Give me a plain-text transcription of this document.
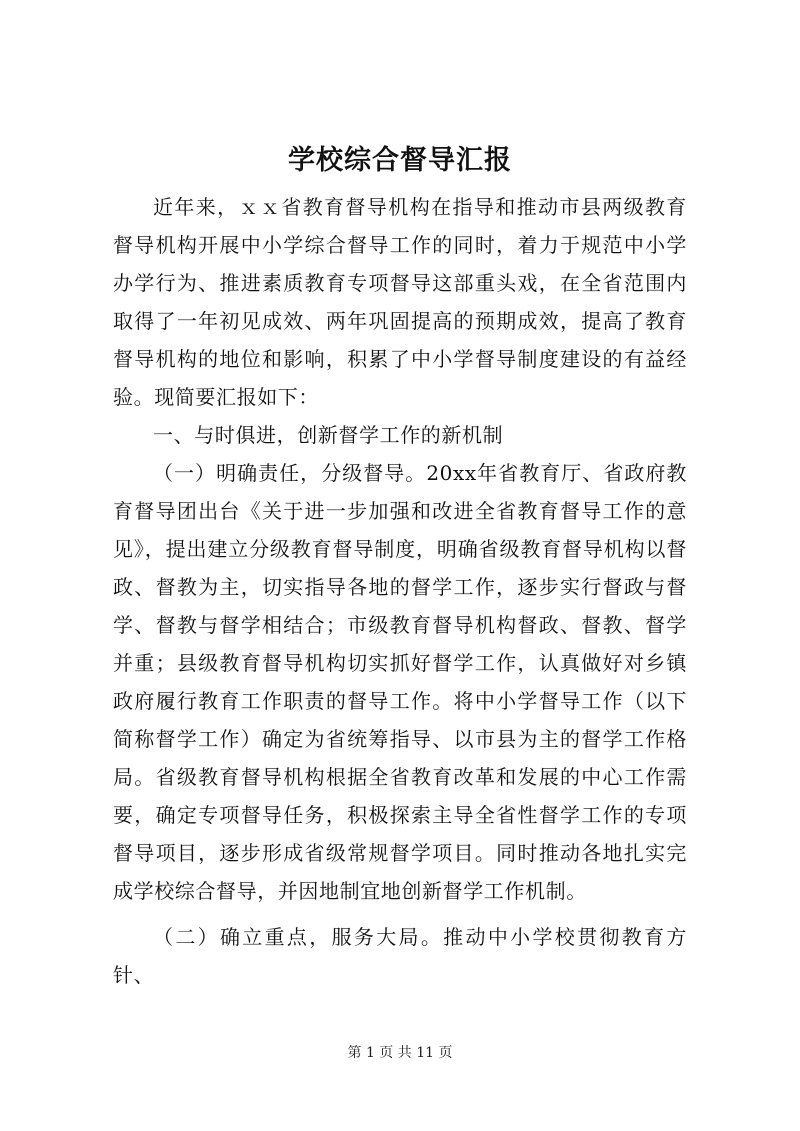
学校综合督导汇报

近年来，ｘｘ省教育督导机构在指导和推动市县两级教育督导机构开展中小学综合督导工作的同时，着力于规范中小学办学行为、推进素质教育专项督导这部重头戏，在全省范围内取得了一年初见成效、两年巩固提高的预期成效，提高了教育督导机构的地位和影响，积累了中小学督导制度建设的有益经验。现简要汇报如下：

一、与时俱进，创新督学工作的新机制

（一）明确责任，分级督导。20xx年省教育厅、省政府教育督导团出台《关于进一步加强和改进全省教育督导工作的意见》，提出建立分级教育督导制度，明确省级教育督导机构以督政、督教为主，切实指导各地的督学工作，逐步实行督政与督学、督教与督学相结合；市级教育督导机构督政、督教、督学并重；县级教育督导机构切实抓好督学工作，认真做好对乡镇政府履行教育工作职责的督导工作。将中小学督导工作（以下简称督学工作）确定为省统筹指导、以市县为主的督学工作格局。省级教育督导机构根据全省教育改革和发展的中心工作需要，确定专项督导任务，积极探索主导全省性督学工作的专项督导项目，逐步形成省级常规督学项目。同时推动各地扎实完成学校综合督导，并因地制宜地创新督学工作机制。

（二）确立重点，服务大局。推动中小学校贯彻教育方针、

第 1 页 共 11 页
